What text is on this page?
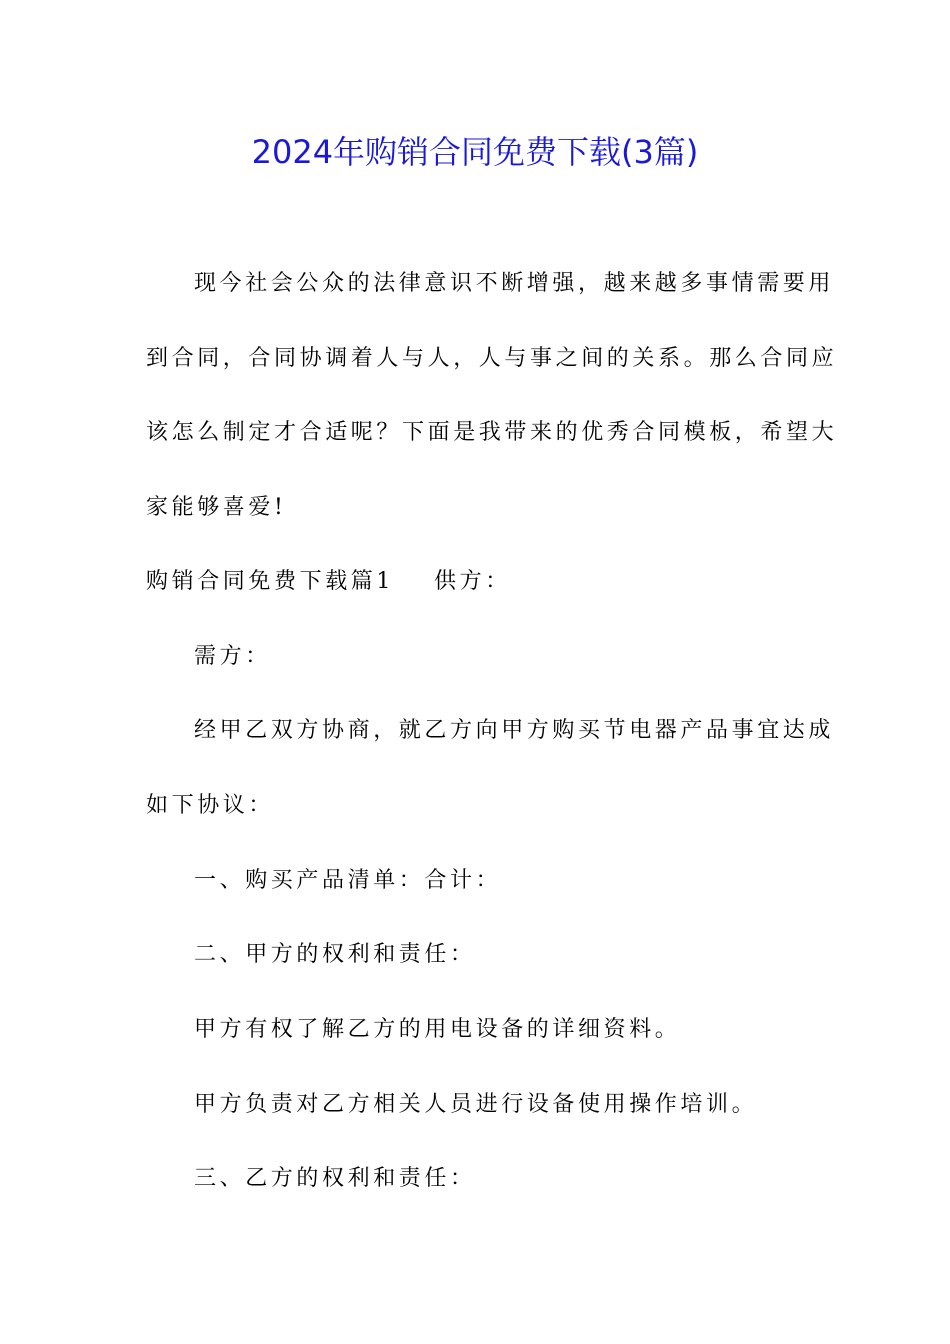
2024年购销合同免费下载(3篇)
现今社会公众的法律意识不断增强，越来越多事情需要用
到合同，合同协调着人与人，人与事之间的关系。那么合同应
该怎么制定才合适呢？下面是我带来的优秀合同模板，希望大
家能够喜爱!
购销合同免费下载篇1 供方：
需方：
经甲乙双方协商，就乙方向甲方购买节电器产品事宜达成
如下协议：
一、购买产品清单：合计：
二、甲方的权利和责任：
甲方有权了解乙方的用电设备的详细资料。
甲方负责对乙方相关人员进行设备使用操作培训。
三、乙方的权利和责任：
